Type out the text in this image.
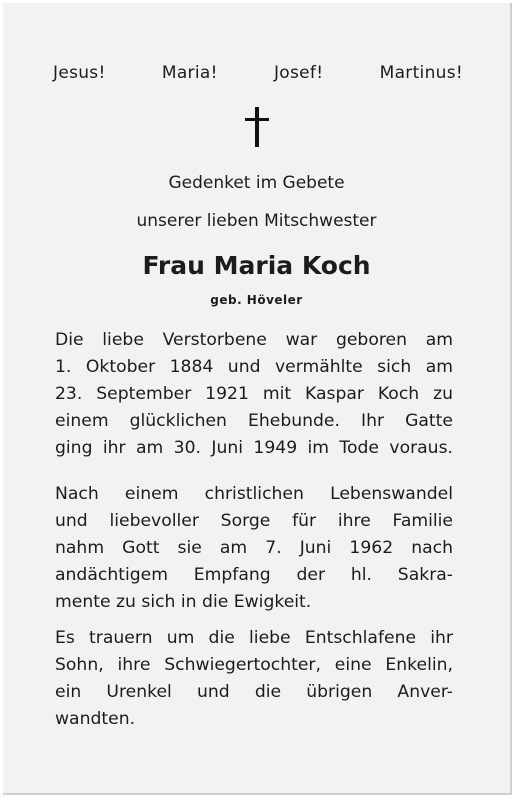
Jesus!	Maria!	Josef!	Martinus!
Gedenket im Gebete
unserer lieben Mitschwester
Frau Maria Koch
geb. Höveler
Die liebe Verstorbene war geboren am
1. Oktober 1884 und vermählte sich am
23. September 1921 mit Kaspar Koch zu
einem glücklichen Ehebunde. Ihr Gatte
ging ihr am 30. Juni 1949 im Tode voraus.
Nach einem christlichen Lebenswandel
und liebevoller Sorge für ihre Familie
nahm Gott sie am 7. Juni 1962 nach
andächtigem Empfang der hl. Sakra-
mente zu sich in die Ewigkeit.
Es trauern um die liebe Entschlafene ihr
Sohn, ihre Schwiegertochter, eine Enkelin,
ein Urenkel und die übrigen Anver-
wandten.
